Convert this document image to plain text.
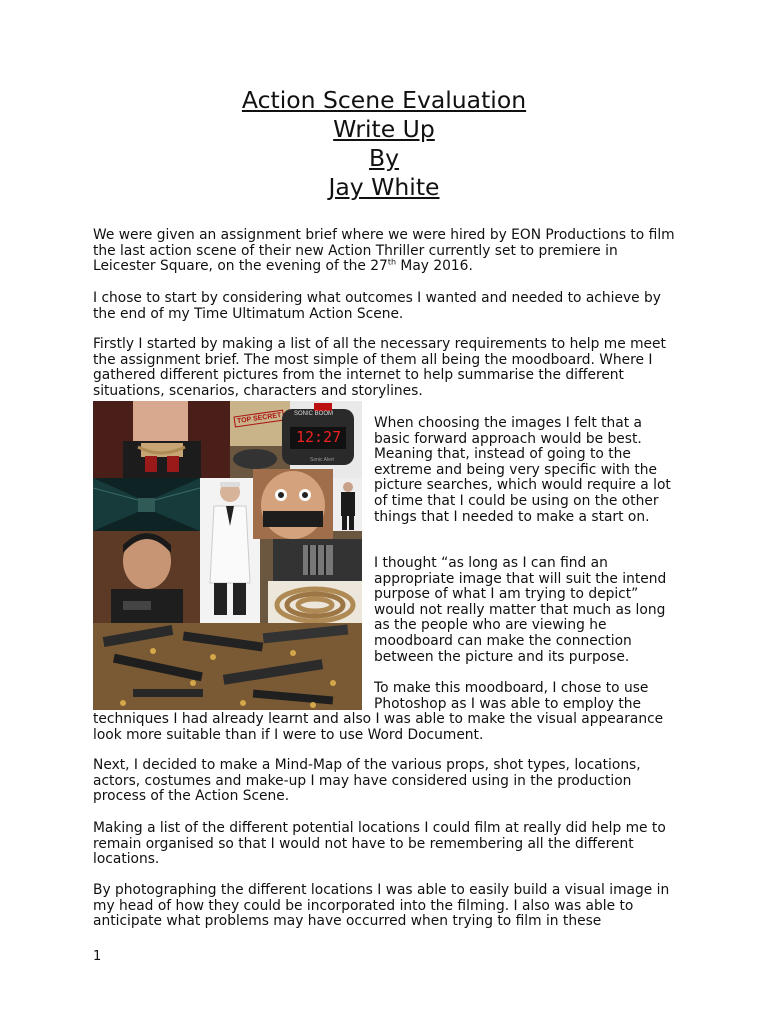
Action Scene Evaluation
Write Up
By
Jay White

We were given an assignment brief where we were hired by EON Productions to film the last action scene of their new Action Thriller currently set to premiere in Leicester Square, on the evening of the 27th May 2016.

I chose to start by considering what outcomes I wanted and needed to achieve by the end of my Time Ultimatum Action Scene.

Firstly I started by making a list of all the necessary requirements to help me meet the assignment brief. The most simple of them all being the moodboard. Where I gathered different pictures from the internet to help summarise the different situations, scenarios, characters and storylines.

TOP SECRET	SONIC BOOM
12:27
Sonic Alert

When choosing the images I felt that a basic forward approach would be best. Meaning that, instead of going to the extreme and being very specific with the picture searches, which would require a lot of time that I could be using on the other things that I needed to make a start on.

I thought “as long as I can find an appropriate image that will suit the intend purpose of what I am trying to depict” would not really matter that much as long as the people who are viewing he moodboard can make the connection between the picture and its purpose.

To make this moodboard, I chose to use Photoshop as I was able to employ the

techniques I had already learnt and also I was able to make the visual appearance look more suitable than if I were to use Word Document.

Next, I decided to make a Mind-Map of the various props, shot types, locations, actors, costumes and make-up I may have considered using in the production process of the Action Scene.

Making a list of the different potential locations I could film at really did help me to remain organised so that I would not have to be remembering all the different locations.

By photographing the different locations I was able to easily build a visual image in my head of how they could be incorporated into the filming. I also was able to anticipate what problems may have occurred when trying to film in these

1
